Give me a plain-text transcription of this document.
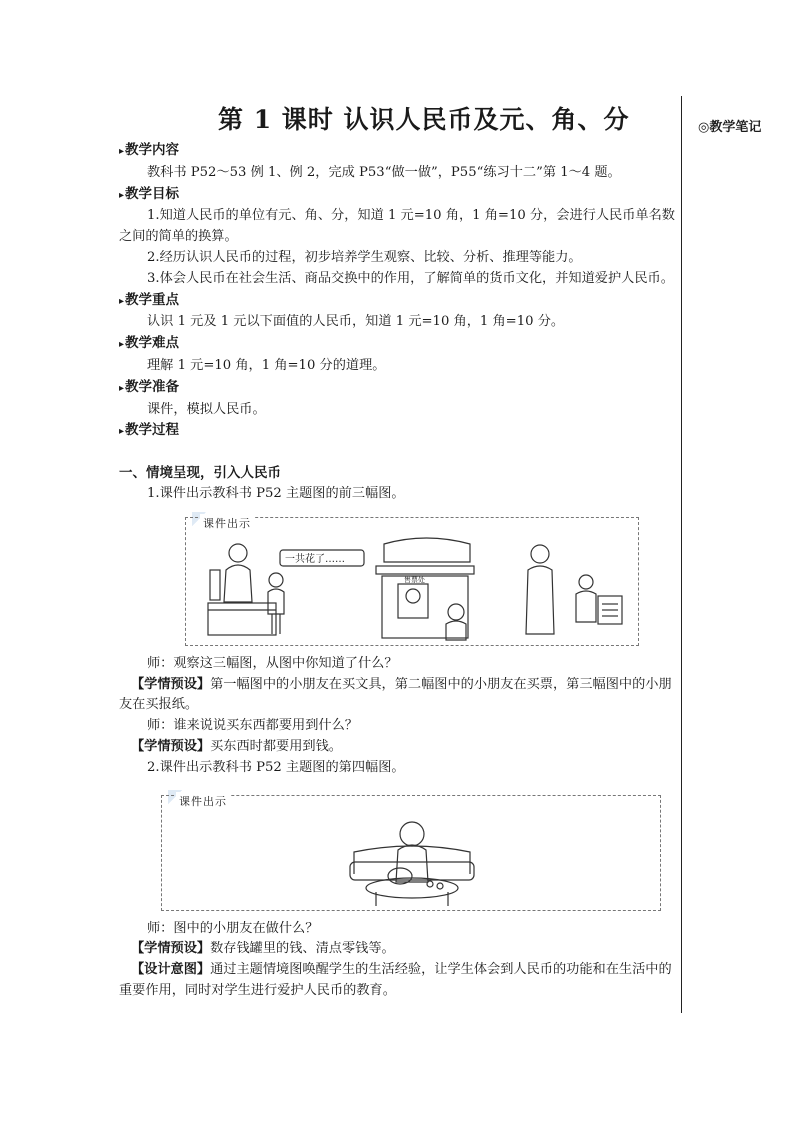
◎教学笔记
第 1 课时 认识人民币及元、角、分
▸ 教学内容

教科书 P52～53 例 1、例 2，完成 P53“做一做”，P55“练习十二”第 1～4 题。

▸ 教学目标

1.知道人民币的单位有元、角、分，知道 1 元=10 角，1 角=10 分，会进行人民币单名数之间的简单的换算。

2.经历认识人民币的过程，初步培养学生观察、比较、分析、推理等能力。

3.体会人民币在社会生活、商品交换中的作用，了解简单的货币文化，并知道爱护人民币。

▸ 教学重点

认识 1 元及 1 元以下面值的人民币，知道 1 元=10 角，1 角=10 分。

▸ 教学难点

理解 1 元=10 角，1 角=10 分的道理。

▸ 教学准备

课件，模拟人民币。

▸ 教学过程
一、情境呈现，引入人民币

1.课件出示教科书 P52 主题图的前三幅图。

课件出示
一共花了……
售票处

师：观察这三幅图，从图中你知道了什么？

【学情预设】第一幅图中的小朋友在买文具，第二幅图中的小朋友在买票，第三幅图中的小朋友在买报纸。

师：谁来说说买东西都要用到什么？

【学情预设】买东西时都要用到钱。

2.课件出示教科书 P52 主题图的第四幅图。

课件出示

师：图中的小朋友在做什么？

【学情预设】数存钱罐里的钱、清点零钱等。

【设计意图】通过主题情境图唤醒学生的生活经验，让学生体会到人民币的功能和在生活中的重要作用，同时对学生进行爱护人民币的教育。
